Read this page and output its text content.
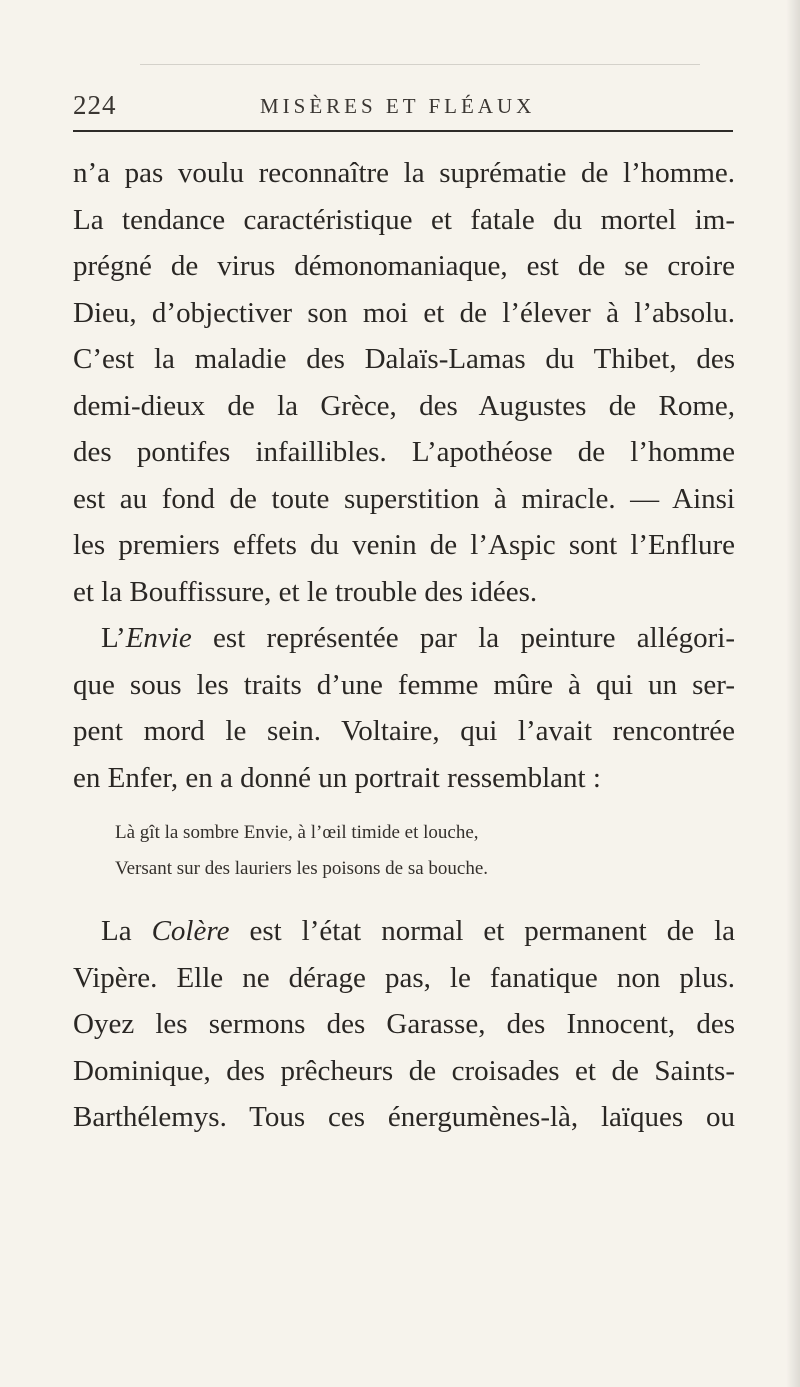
224	MISÈRES ET FLÉAUX
n’a pas voulu reconnaître la suprématie de l’homme.
La tendance caractéristique et fatale du mortel im-
prégné de virus démonomaniaque, est de se croire
Dieu, d’objectiver son moi et de l’élever à l’absolu.
C’est la maladie des Dalaïs-Lamas du Thibet, des
demi-dieux de la Grèce, des Augustes de Rome,
des pontifes infaillibles. L’apothéose de l’homme
est au fond de toute superstition à miracle. — Ainsi
les premiers effets du venin de l’Aspic sont l’Enflure
et la Bouffissure, et le trouble des idées.
L’Envie est représentée par la peinture allégori-
que sous les traits d’une femme mûre à qui un ser-
pent mord le sein. Voltaire, qui l’avait rencontrée
en Enfer, en a donné un portrait ressemblant :
Là gît la sombre Envie, à l’œil timide et louche,
Versant sur des lauriers les poisons de sa bouche.
La Colère est l’état normal et permanent de la
Vipère. Elle ne dérage pas, le fanatique non plus.
Oyez les sermons des Garasse, des Innocent, des
Dominique, des prêcheurs de croisades et de Saints-
Barthélemys. Tous ces énergumènes-là, laïques ou
